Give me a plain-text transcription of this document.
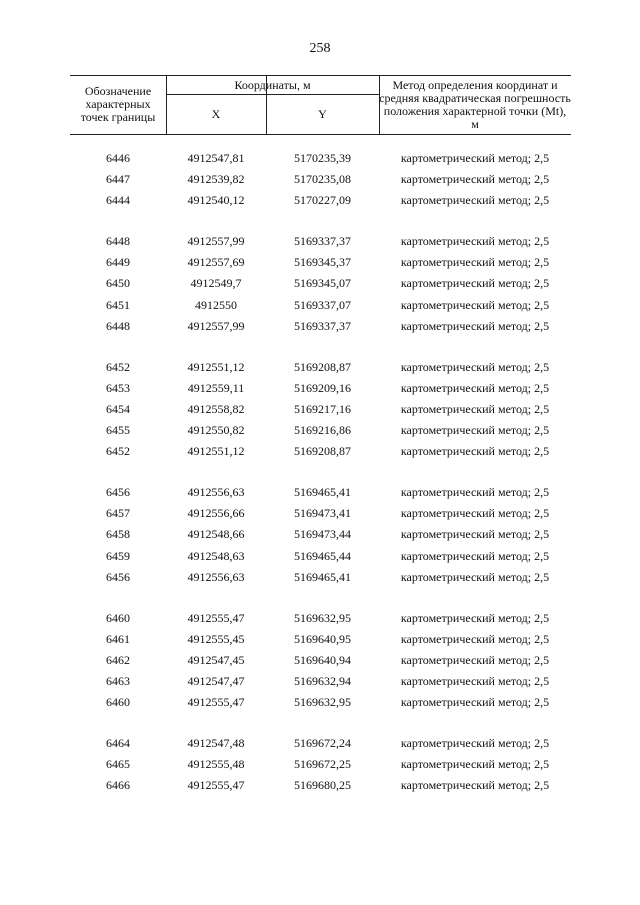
258
Обозначение характерных точек границы
Координаты, м
X	Y
Метод определения координат и средняя квадратическая погрешность положения характерной точки (Mt), м
6446	4912547,81	5170235,39	картометрический метод; 2,5
6447	4912539,82	5170235,08	картометрический метод; 2,5
6444	4912540,12	5170227,09	картометрический метод; 2,5
6448	4912557,99	5169337,37	картометрический метод; 2,5
6449	4912557,69	5169345,37	картометрический метод; 2,5
6450	4912549,7	5169345,07	картометрический метод; 2,5
6451	4912550	5169337,07	картометрический метод; 2,5
6448	4912557,99	5169337,37	картометрический метод; 2,5
6452	4912551,12	5169208,87	картометрический метод; 2,5
6453	4912559,11	5169209,16	картометрический метод; 2,5
6454	4912558,82	5169217,16	картометрический метод; 2,5
6455	4912550,82	5169216,86	картометрический метод; 2,5
6452	4912551,12	5169208,87	картометрический метод; 2,5
6456	4912556,63	5169465,41	картометрический метод; 2,5
6457	4912556,66	5169473,41	картометрический метод; 2,5
6458	4912548,66	5169473,44	картометрический метод; 2,5
6459	4912548,63	5169465,44	картометрический метод; 2,5
6456	4912556,63	5169465,41	картометрический метод; 2,5
6460	4912555,47	5169632,95	картометрический метод; 2,5
6461	4912555,45	5169640,95	картометрический метод; 2,5
6462	4912547,45	5169640,94	картометрический метод; 2,5
6463	4912547,47	5169632,94	картометрический метод; 2,5
6460	4912555,47	5169632,95	картометрический метод; 2,5
6464	4912547,48	5169672,24	картометрический метод; 2,5
6465	4912555,48	5169672,25	картометрический метод; 2,5
6466	4912555,47	5169680,25	картометрический метод; 2,5
